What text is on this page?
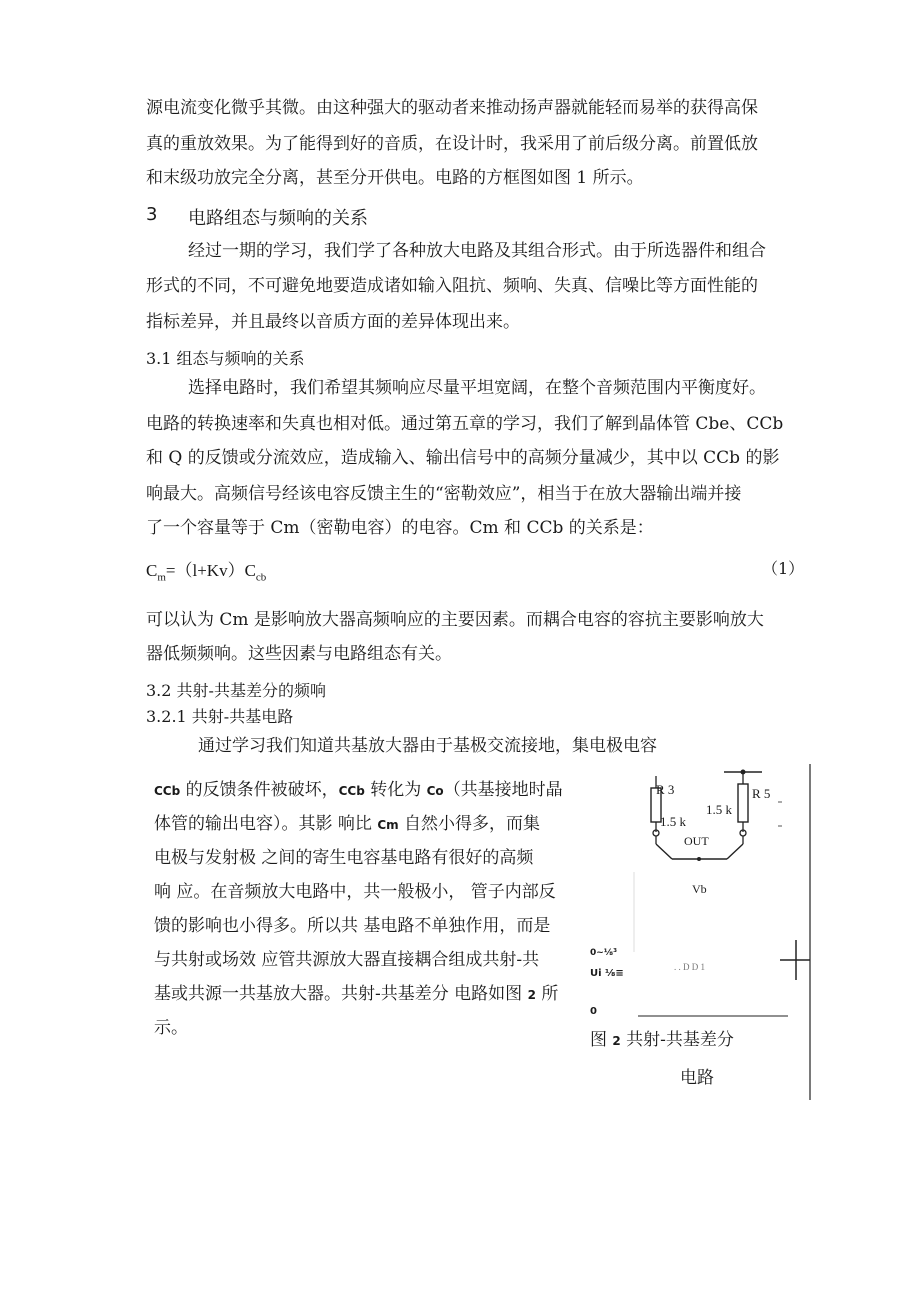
源电流变化微乎其微。由这种强大的驱动者来推动扬声器就能轻而易举的获得高保
真的重放效果。为了能得到好的音质，在设计时，我采用了前后级分离。前置低放
和末级功放完全分离，甚至分开供电。电路的方框图如图 1 所示。
3 电路组态与频响的关系
经过一期的学习，我们学了各种放大电路及其组合形式。由于所选器件和组合
形式的不同，不可避免地要造成诸如输入阻抗、频响、失真、信噪比等方面性能的
指标差异，并且最终以音质方面的差异体现出来。
3.1 组态与频响的关系
选择电路时，我们希望其频响应尽量平坦宽阔，在整个音频范围内平衡度好。
电路的转换速率和失真也相对低。通过第五章的学习，我们了解到晶体管 Cbe、CCb
和 Q 的反馈或分流效应，造成输入、输出信号中的高频分量减少，其中以 CCb 的影
响最大。高频信号经该电容反馈主生的“密勒效应”，相当于在放大器输出端并接
了一个容量等于 Cm（密勒电容）的电容。Cm 和 CCb 的关系是：
$C_m=(l+Kv)C_{cb}$	（1）
可以认为 Cm 是影响放大器高频响应的主要因素。而耦合电容的容抗主要影响放大
器低频频响。这些因素与电路组态有关。
3.2 共射-共基差分的频响
3.2.1 共射-共基电路
通过学习我们知道共基放大器由于基极交流接地，集电极电容
CCb 的反馈条件被破坏，CCb 转化为 Co（共基接地时晶
体管的输出电容）。其影 响比 Cm 自然小得多，而集
电极与发射极 之间的寄生电容基电路有很好的高频
响 应。在音频放大电路中，共一般极小， 管子内部反
馈的影响也小得多。所以共 基电路不单独作用，而是
与共射或场效 应管共源放大器直接耦合组成共射-共
基或共源一共基放大器。共射-共基差分 电路如图 2 所
示。
R 3	R 5
1.5 k
1.5 k
OUT
Vb
. . D D 1
0~⅛³
Ui ⅛≡
0
图 2 共射-共基差分
电路
